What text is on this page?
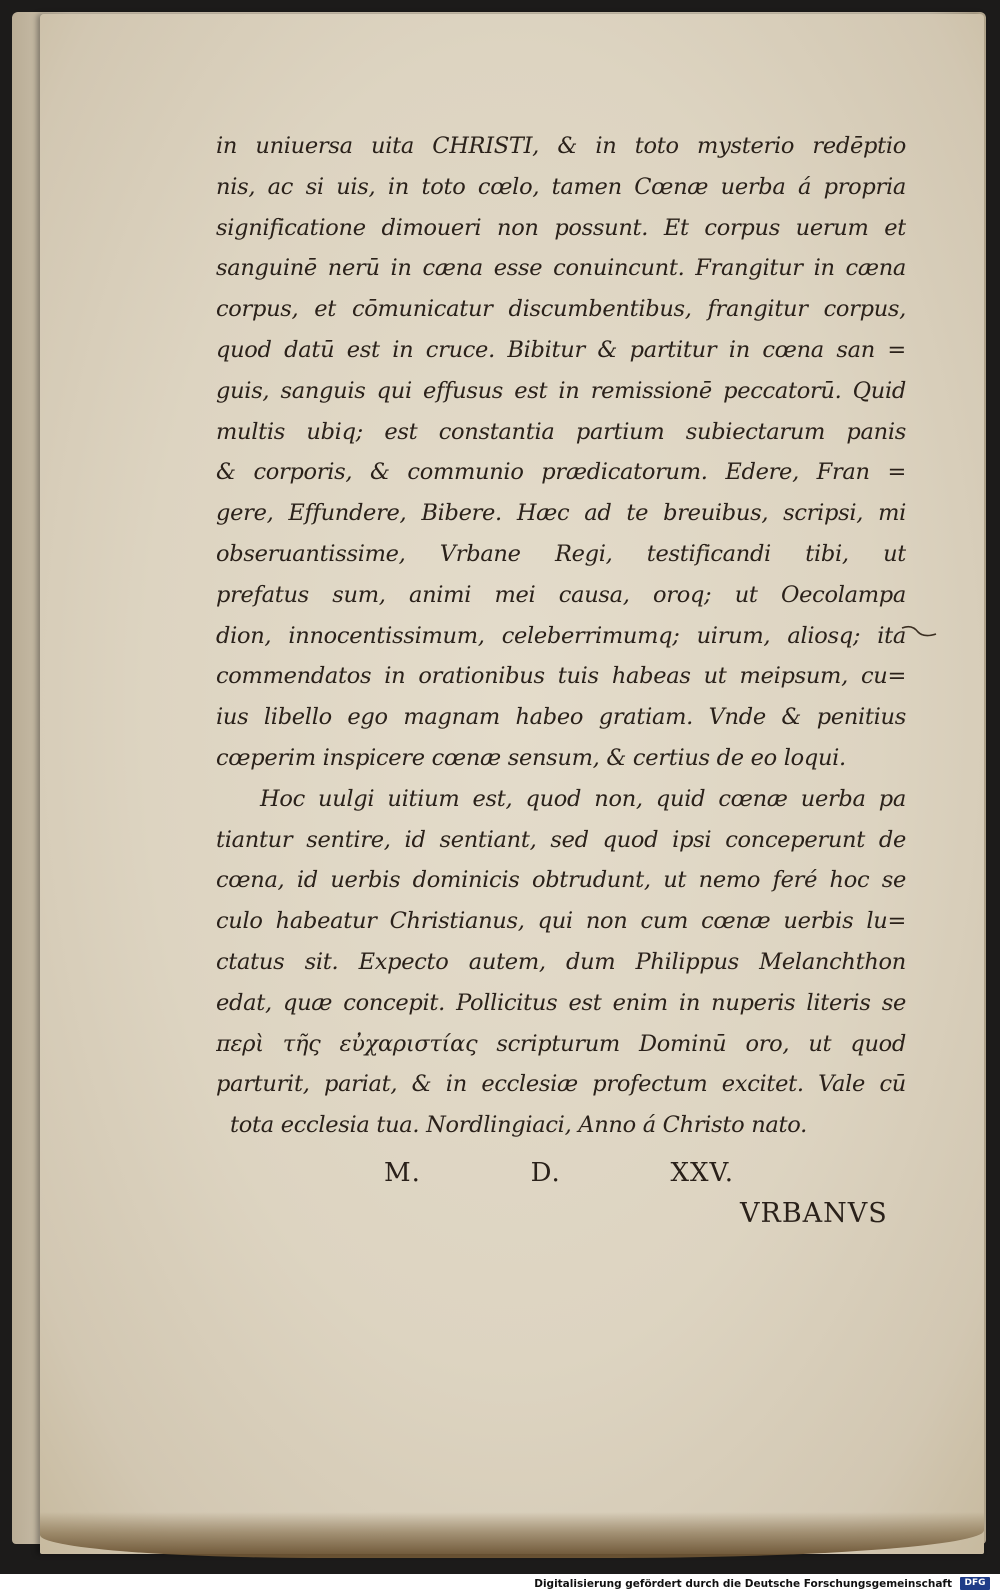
in uniuersa uita CHRISTI, & in toto mysterio redēptio
nis, ac si uis, in toto cœlo, tamen Cœnæ uerba á propria
significatione dimoueri non possunt. Et corpus uerum et
sanguinē nerū in cæna esse conuincunt. Frangitur in cæna
corpus, et cōmunicatur discumbentibus, frangitur corpus,
quod datū est in cruce. Bibitur & partitur in cœna san =
guis, sanguis qui effusus est in remissionē peccatorū. Quid
multis ubiq; est constantia partium subiectarum panis
& corporis, & communio prædicatorum. Edere, Fran =
gere, Effundere, Bibere. Hæc ad te breuibus, scripsi, mi
obseruantissime, Vrbane Regi, testificandi tibi, ut
prefatus sum, animi mei causa, oroq; ut Oecolampa
dion, innocentissimum, celeberrimumq; uirum, aliosq; ita
commendatos in orationibus tuis habeas ut meipsum, cu=
ius libello ego magnam habeo gratiam. Vnde & penitius
cœperim inspicere cœnæ sensum, & certius de eo loqui.
Hoc uulgi uitium est, quod non, quid cœnæ uerba pa
tiantur sentire, id sentiant, sed quod ipsi conceperunt de
cœna, id uerbis dominicis obtrudunt, ut nemo feré hoc se
culo habeatur Christianus, qui non cum cœnæ uerbis lu=
ctatus sit. Expecto autem, dum Philippus Melanchthon
edat, quæ concepit. Pollicitus est enim in nuperis literis se
περὶ τῆς εὐχαριστίας scripturum Dominū oro, ut quod
parturit, pariat, & in ecclesiæ profectum excitet. Vale cū
tota ecclesia tua. Nordlingiaci, Anno á Christo nato.
M.	D.	XXV.
VRBANVS
Digitalisierung gefördert durch die Deutsche Forschungsgemeinschaft	DFG
